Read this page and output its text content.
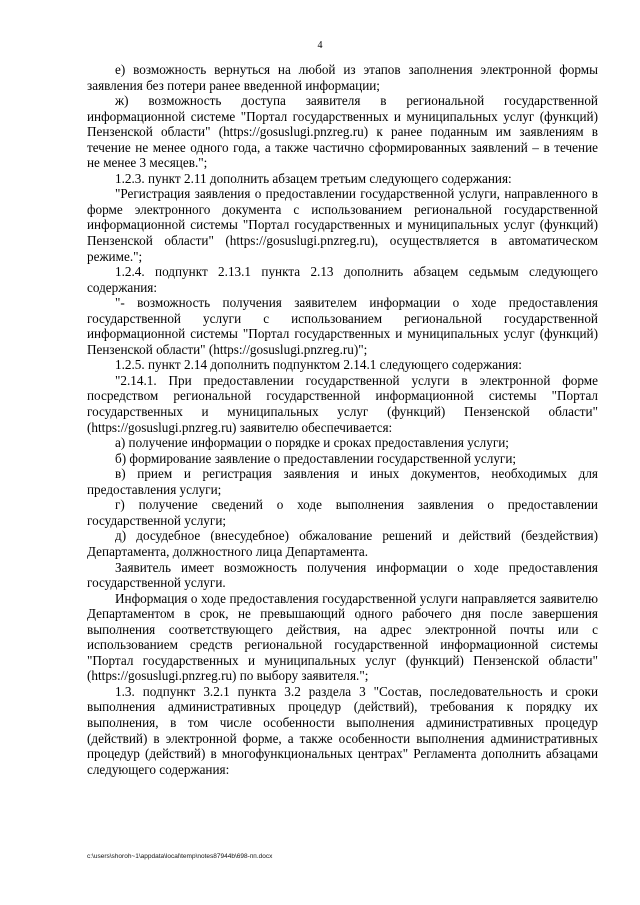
4

е) возможность вернуться на любой из этапов заполнения электронной формы заявления без потери ранее введенной информации;

ж) возможность доступа заявителя в региональной государственной информационной системе "Портал государственных и муниципальных услуг (функций) Пензенской области" (https://gosuslugi.pnzreg.ru) к ранее поданным им заявлениям в течение не менее одного года, а также частично сформированных заявлений – в течение не менее 3 месяцев.";

1.2.3. пункт 2.11 дополнить абзацем третьим следующего содержания:

"Регистрация заявления о предоставлении государственной услуги, направленного в форме электронного документа с использованием региональной государственной информационной системы "Портал государственных и муниципальных услуг (функций) Пензенской области" (https://gosuslugi.pnzreg.ru), осуществляется в автоматическом режиме.";

1.2.4. подпункт 2.13.1 пункта 2.13 дополнить абзацем седьмым следующего содержания:

"- возможность получения заявителем информации о ходе предоставления государственной услуги с использованием региональной государственной информационной системы "Портал государственных и муниципальных услуг (функций) Пензенской области" (https://gosuslugi.pnzreg.ru)";

1.2.5. пункт 2.14 дополнить подпунктом 2.14.1 следующего содержания:

"2.14.1. При предоставлении государственной услуги в электронной форме посредством региональной государственной информационной системы "Портал государственных и муниципальных услуг (функций) Пензенской области" (https://gosuslugi.pnzreg.ru) заявителю обеспечивается:

а) получение информации о порядке и сроках предоставления услуги;

б) формирование заявление о предоставлении государственной услуги;

в) прием и регистрация заявления и иных документов, необходимых для предоставления услуги;

г) получение сведений о ходе выполнения заявления о предоставлении государственной услуги;

д) досудебное (внесудебное) обжалование решений и действий (бездействия) Департамента, должностного лица Департамента.

Заявитель имеет возможность получения информации о ходе предоставления государственной услуги.

Информация о ходе предоставления государственной услуги направляется заявителю Департаментом в срок, не превышающий одного рабочего дня после завершения выполнения соответствующего действия, на адрес электронной почты или с использованием средств региональной государственной информационной системы "Портал государственных и муниципальных услуг (функций) Пензенской области" (https://gosuslugi.pnzreg.ru) по выбору заявителя.";

1.3. подпункт 3.2.1 пункта 3.2 раздела 3 "Состав, последовательность и сроки выполнения административных процедур (действий), требования к порядку их выполнения, в том числе особенности выполнения административных процедур (действий) в электронной форме, а также особенности выполнения административных процедур (действий) в многофункциональных центрах" Регламента дополнить абзацами следующего содержания:

c:\users\shoroh~1\appdata\local\temp\notes87944b\698-пп.docx
